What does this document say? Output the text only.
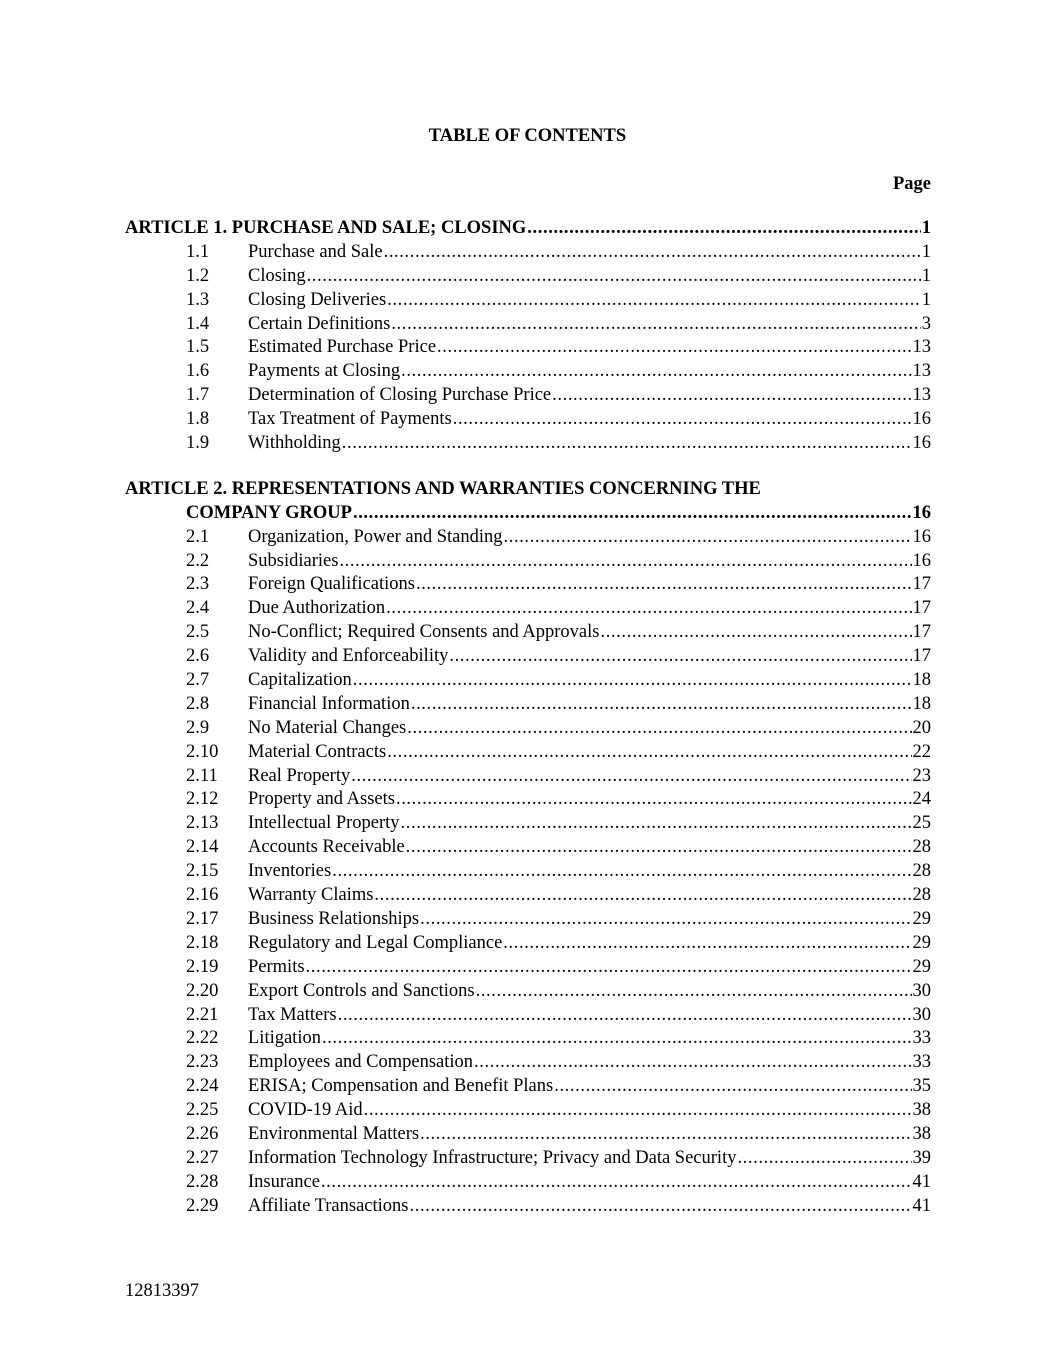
TABLE OF CONTENTS
Page
ARTICLE 1. PURCHASE AND SALE; CLOSING .....	1
1.1	Purchase and Sale .....	1
1.2	Closing .....	1
1.3	Closing Deliveries .....	1
1.4	Certain Definitions .....	3
1.5	Estimated Purchase Price .....	13
1.6	Payments at Closing .....	13
1.7	Determination of Closing Purchase Price .....	13
1.8	Tax Treatment of Payments .....	16
1.9	Withholding .....	16
ARTICLE 2. REPRESENTATIONS AND WARRANTIES CONCERNING THE
COMPANY GROUP .....	16
2.1	Organization, Power and Standing .....	16
2.2	Subsidiaries .....	16
2.3	Foreign Qualifications .....	17
2.4	Due Authorization .....	17
2.5	No-Conflict; Required Consents and Approvals .....	17
2.6	Validity and Enforceability .....	17
2.7	Capitalization .....	18
2.8	Financial Information .....	18
2.9	No Material Changes .....	20
2.10	Material Contracts .....	22
2.11	Real Property .....	23
2.12	Property and Assets .....	24
2.13	Intellectual Property .....	25
2.14	Accounts Receivable .....	28
2.15	Inventories .....	28
2.16	Warranty Claims .....	28
2.17	Business Relationships .....	29
2.18	Regulatory and Legal Compliance .....	29
2.19	Permits .....	29
2.20	Export Controls and Sanctions .....	30
2.21	Tax Matters .....	30
2.22	Litigation .....	33
2.23	Employees and Compensation .....	33
2.24	ERISA; Compensation and Benefit Plans .....	35
2.25	COVID-19 Aid .....	38
2.26	Environmental Matters .....	38
2.27	Information Technology Infrastructure; Privacy and Data Security .....	39
2.28	Insurance .....	41
2.29	Affiliate Transactions .....	41
12813397
